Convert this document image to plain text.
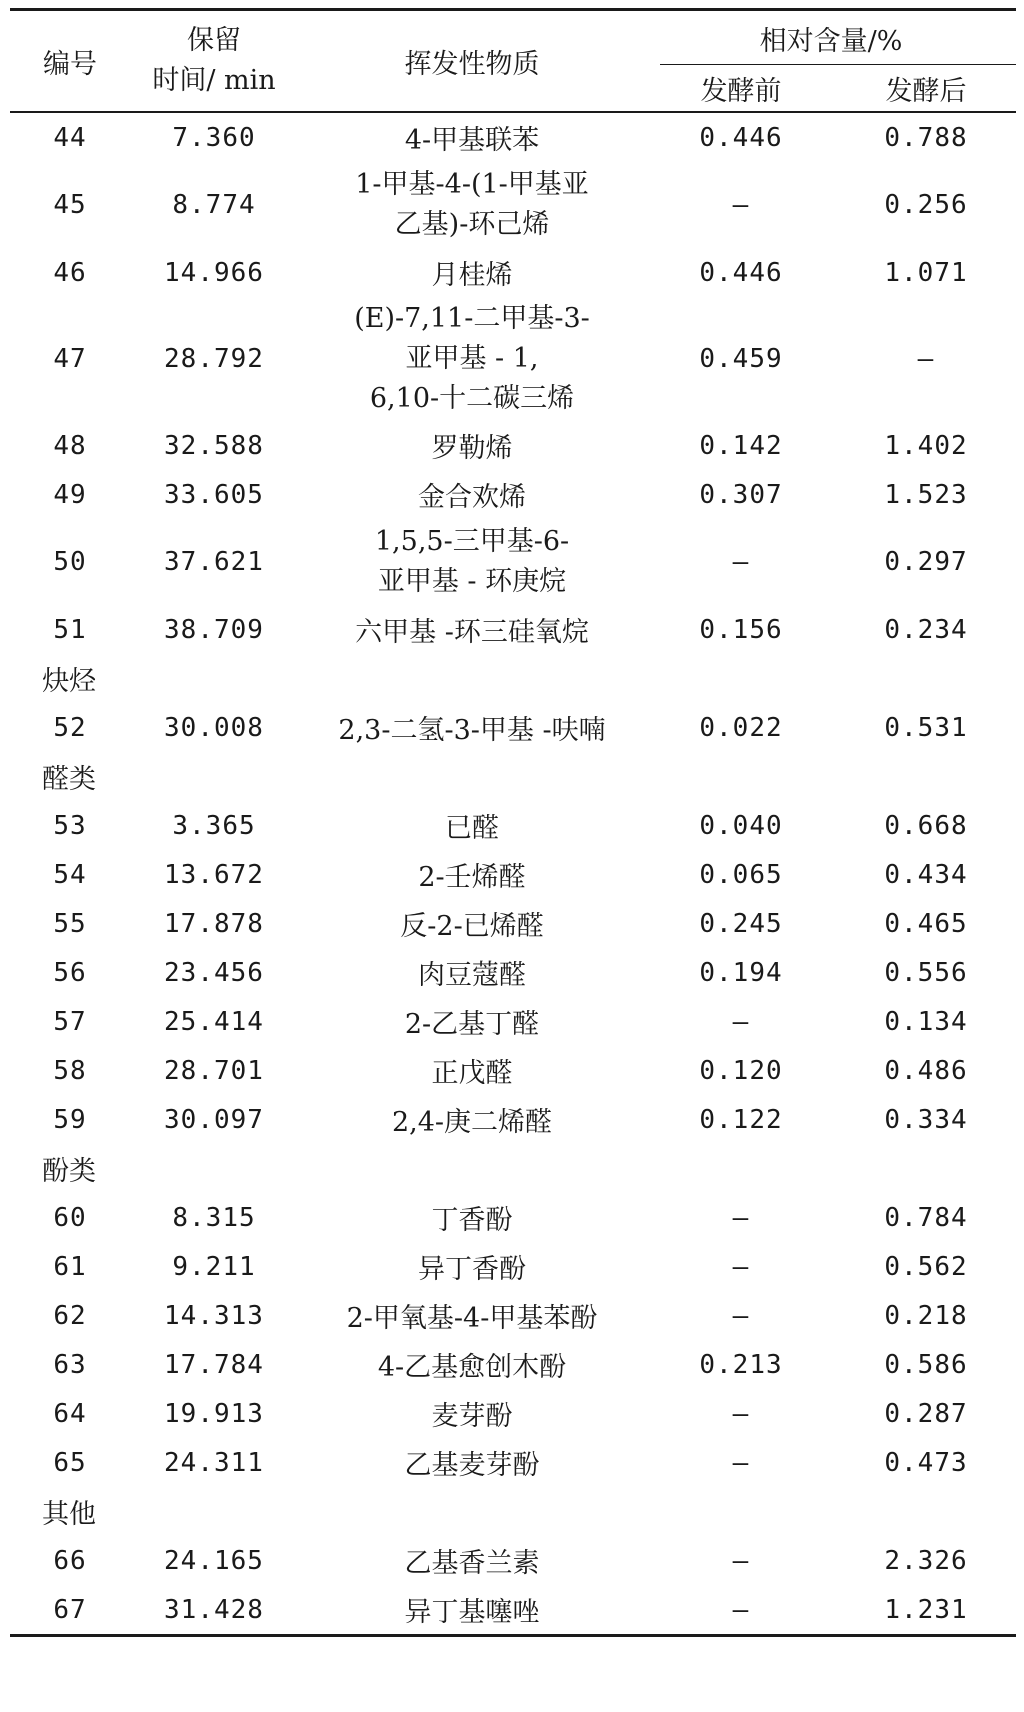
编号	保留
时间/ min	挥发性物质	相对含量/%	

			发酵前	发酵后
44	7.360	4-甲基联苯	0.446	0.788
45	8.774	1-甲基-4-(1-甲基亚
乙基)-环己烯	—	0.256
46	14.966	月桂烯	0.446	1.071
47	28.792	(E)-7,11-二甲基-3-
亚甲基 - 1,
6,10-十二碳三烯	0.459	—
48	32.588	罗勒烯	0.142	1.402
49	33.605	金合欢烯	0.307	1.523
50	37.621	1,5,5-三甲基-6-
亚甲基 - 环庚烷	—	0.297
51	38.709	六甲基 -环三硅氧烷	0.156	0.234
炔烃				
52	30.008	2,3-二氢-3-甲基 -呋喃	0.022	0.531
醛类				
53	3.365	已醛	0.040	0.668
54	13.672	2-壬烯醛	0.065	0.434
55	17.878	反-2-已烯醛	0.245	0.465
56	23.456	肉豆蔻醛	0.194	0.556
57	25.414	2-乙基丁醛	—	0.134
58	28.701	正戊醛	0.120	0.486
59	30.097	2,4-庚二烯醛	0.122	0.334
酚类				
60	8.315	丁香酚	—	0.784
61	9.211	异丁香酚	—	0.562
62	14.313	2-甲氧基-4-甲基苯酚	—	0.218
63	17.784	4-乙基愈创木酚	0.213	0.586
64	19.913	麦芽酚	—	0.287
65	24.311	乙基麦芽酚	—	0.473
其他				
66	24.165	乙基香兰素	—	2.326
67	31.428	异丁基噻唑	—	1.231
